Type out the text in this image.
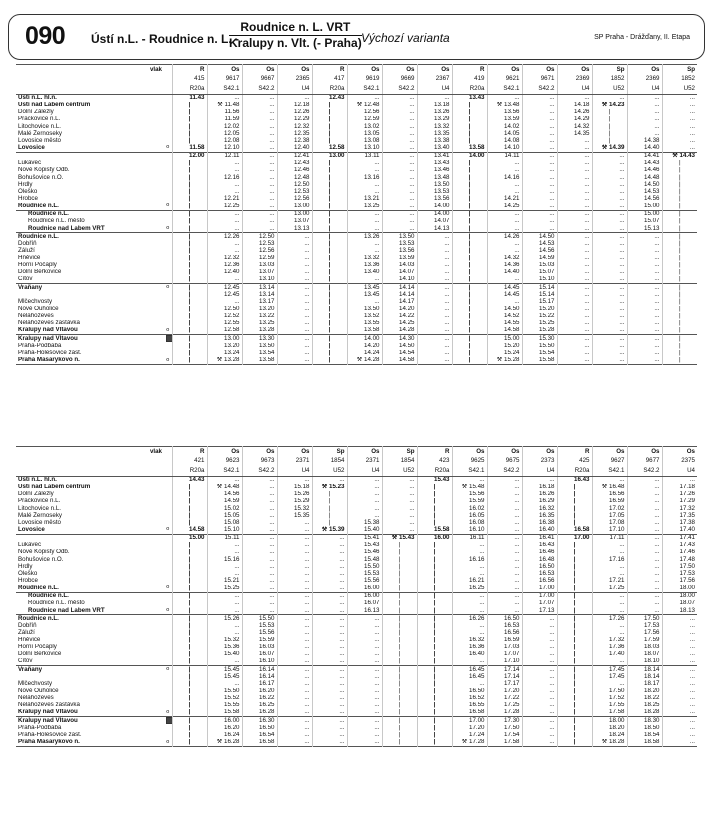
090 Ústí n.L. - Roudnice n. L. -
Roudnice n. L. VRT
Kralupy n. Vlt. (- Praha) Výchozí varianta	SP Praha - Drážďany, II. Etapa
vlak		R	Os	Os	Os	R	Os	Os	Os	R	Os	Os	Os	Sp	Os	Sp
		415	9617	9667	2365	417	9619	9669	2367	419	9621	9671	2369	1852	2369	1852
		R20a	S42.1	S42.2	U4	R20a	S42.1	S42.2	U4	R20a	S42.1	S42.2	U4	U52	U4	U52
Ústí n.L. hl.n.		11.43	...	...	...	12.43	...	...	...	13.43	...	...	...	...	...	...
Ústí nad Labem centrum		|	⚒ 11.48	...	12.18	|	⚒ 12.48	...	13.18	|	⚒ 13.48	...	14.18	⚒ 14.23	...	...
Dolní Zálezly		|	11.56	...	12.26	|	12.56	...	13.26	|	13.56	...	14.26	|	...	...
Prackovice n.L.		|	11.59	...	12.29	|	12.59	...	13.29	|	13.59	...	14.29	|	...	...
Litochovice n.L.		|	12.02	...	12.32	|	13.02	...	13.32	|	14.02	...	14.32	|	...	...
Malé Žernoseky		|	12.05	...	12.35	|	13.05	...	13.35	|	14.05	...	14.35	|	...	...
Lovosice město		|	12.08	...	12.38	|	13.08	...	13.38	|	14.08	...	...	|	14.38	...
Lovosice	o	11.58	12.10	...	12.40	12.58	13.10	...	13.40	13.58	14.10	...	...	⚒ 14.39	14.40	...
		12.00	12.11	...	12.41	13.00	13.11	...	13.41	14.00	14.11	...	...	...	14.41	⚒ 14.43
Lukavec		|	...	...	12.43	|	...	...	13.43	|	...	...	...	...	14.43	|
Nové Kopisty Odb.		|	...	...	12.46	|	...	...	13.46	|	...	...	...	...	14.46	|
Bohušovice n.O.		|	12.16	...	12.48	|	13.16	...	13.48	|	14.16	...	...	...	14.48	|
Hrdly		|	...	...	12.50	|	...	...	13.50	|	...	...	...	...	14.50	|
Oleško		|	...	...	12.53	|	...	...	13.53	|	...	...	...	...	14.53	|
Hrobce		|	12.21	...	12.56	|	13.21	...	13.56	|	14.21	...	...	...	14.56	|
Roudnice n.L.	o	|	12.25	...	13.00	|	13.25	...	14.00	|	14.25	...	...	...	15.00	|
Roudnice n.L.		|	...	...	13.00	|	...	...	14.00	|	...	...	...	...	15.00	|
Roudnice n.L. město		|	...	...	13.07	|	...	...	14.07	|	...	...	...	...	15.07	|
Roudnice nad Labem VRT	o	|	...	...	13.13	|	...	...	14.13	|	...	...	...	...	15.13	|
Roudnice n.L.		|	12.26	12.50	...	|	13.26	13.50	...	|	14.26	14.50	...	...	...	|
Dobříň		|	...	12.53	...	|	...	13.53	...	|	...	14.53	...	...	...	|
Záluží		|	...	12.56	...	|	...	13.56	...	|	...	14.56	...	...	...	|
Hněvice		|	12.32	12.59	...	|	13.32	13.59	...	|	14.32	14.59	...	...	...	|
Horní Počaply		|	12.36	13.03	...	|	13.36	14.03	...	|	14.36	15.03	...	...	...	|
Dolní Beřkovice		|	12.40	13.07	...	|	13.40	14.07	...	|	14.40	15.07	...	...	...	|
Cítov		|	...	13.10	...	|	...	14.10	...	|	...	15.10	...	...	...	|
Vraňany	o	|	12.45	13.14	...	|	13.45	14.14	...	|	14.45	15.14	...	...	...	|
		|	12.45	13.14	...	|	13.45	14.14	...	|	14.45	15.14	...	...	...	|
Mlčechvosty		|	...	13.17	...	|	...	14.17	...	|	...	15.17	...	...	...	|
Nové Ouholice		|	12.50	13.20	...	|	13.50	14.20	...	|	14.50	15.20	...	...	...	|
Nelahozeves		|	12.52	13.22	...	|	13.52	14.22	...	|	14.52	15.22	...	...	...	|
Nelahozeves zastávka		|	12.55	13.25	...	|	13.55	14.25	...	|	14.55	15.25	...	...	...	|
Kralupy nad Vltavou	o	|	12.58	13.28	...	|	13.58	14.28	...	|	14.58	15.28	...	...	...	|
Kralupy nad Vltavou		|	13.00	13.30	...	|	14.00	14.30	...	|	15.00	15.30	...	...	...	|
Praha-Podbaba		|	13.20	13.50	...	|	14.20	14.50	...	|	15.20	15.50	...	...	...	|
Praha-Holešovice zast.		|	13.24	13.54	...	|	14.24	14.54	...	|	15.24	15.54	...	...	...	|
Praha Masarykovo n.	o	|	⚒ 13.28	13.58	...	|	⚒ 14.28	14.58	...	|	⚒ 15.28	15.58	...	...	...	|
vlak		R	Os	Os	Os	Sp	Os	Sp	R	Os	Os	Os	R	Os	Os	Os
		421	9623	9673	2371	1854	2371	1854	423	9625	9675	2373	425	9627	9677	2375
		R20a	S42.1	S42.2	U4	U52	U4	U52	R20a	S42.1	S42.2	U4	R20a	S42.1	S42.2	U4
Ústí n.L. hl.n.		14.43	...	...	...	...	...	...	15.43	...	...	...	16.43	...	...	...
Ústí nad Labem centrum		|	⚒ 14.48	...	15.18	⚒ 15.23	...	...	|	⚒ 15.48	...	16.18	|	⚒ 16.48	...	17.18
Dolní Zálezly		|	14.56	...	15.26	|	...	...	|	15.56	...	16.26	|	16.56	...	17.26
Prackovice n.L.		|	14.59	...	15.29	|	...	...	|	15.59	...	16.29	|	16.59	...	17.29
Litochovice n.L.		|	15.02	...	15.32	|	...	...	|	16.02	...	16.32	|	17.02	...	17.32
Malé Žernoseky		|	15.05	...	15.35	|	...	...	|	16.05	...	16.35	|	17.05	...	17.35
Lovosice město		|	15.08	...	...	|	15.38	...	|	16.08	...	16.38	|	17.08	...	17.38
Lovosice	o	14.58	15.10	...	...	⚒ 15.39	15.40	...	15.58	16.10	...	16.40	16.58	17.10	...	17.40
		15.00	15.11	...	...	...	15.41	⚒ 15.43	16.00	16.11	...	16.41	17.00	17.11	...	17.41
Lukavec		|	...	...	...	...	15.43	|	|	...	...	16.43	|	...	...	17.43
Nové Kopisty Odb.		|	...	...	...	...	15.46	|	|	...	...	16.46	|	...	...	17.46
Bohušovice n.O.		|	15.16	...	...	...	15.48	|	|	16.16	...	16.48	|	17.16	...	17.48
Hrdly		|	...	...	...	...	15.50	|	|	...	...	16.50	|	...	...	17.50
Oleško		|	...	...	...	...	15.53	|	|	...	...	16.53	|	...	...	17.53
Hrobce		|	15.21	...	...	...	15.56	|	|	16.21	...	16.56	|	17.21	...	17.56
Roudnice n.L.	o	|	15.25	...	...	...	16.00	|	|	16.25	...	17.00	|	17.25	...	18.00
Roudnice n.L.		|	...	...	...	...	16.00	|	|	...	...	17.00	|	...	...	18.00
Roudnice n.L. město		|	...	...	...	...	16.07	|	|	...	...	17.07	|	...	...	18.07
Roudnice nad Labem VRT	o	|	...	...	...	...	16.13	|	|	...	...	17.13	|	...	...	18.13
Roudnice n.L.		|	15.26	15.50	...	...	...	|	|	16.26	16.50	...	|	17.26	17.50	...
Dobříň		|	...	15.53	...	...	...	|	|	...	16.53	...	|	...	17.53	...
Záluží		|	...	15.56	...	...	...	|	|	...	16.56	...	|	...	17.56	...
Hněvice		|	15.32	15.59	...	...	...	|	|	16.32	16.59	...	|	17.32	17.59	...
Horní Počaply		|	15.36	16.03	...	...	...	|	|	16.36	17.03	...	|	17.36	18.03	...
Dolní Beřkovice		|	15.40	16.07	...	...	...	|	|	16.40	17.07	...	|	17.40	18.07	...
Cítov		|	...	16.10	...	...	...	|	|	...	17.10	...	|	...	18.10	...
Vraňany	o	|	15.45	16.14	...	...	...	|	|	16.45	17.14	...	|	17.45	18.14	...
		|	15.45	16.14	...	...	...	|	|	16.45	17.14	...	|	17.45	18.14	...
Mlčechvosty		|	...	16.17	...	...	...	|	|	...	17.17	...	|	...	18.17	...
Nové Ouholice		|	15.50	16.20	...	...	...	|	|	16.50	17.20	...	|	17.50	18.20	...
Nelahozeves		|	15.52	16.22	...	...	...	|	|	16.52	17.22	...	|	17.52	18.22	...
Nelahozeves zastávka		|	15.55	16.25	...	...	...	|	|	16.55	17.25	...	|	17.55	18.25	...
Kralupy nad Vltavou	o	|	15.58	16.28	...	...	...	|	|	16.58	17.28	...	|	17.58	18.28	...
Kralupy nad Vltavou		|	16.00	16.30	...	...	...	|	|	17.00	17.30	...	|	18.00	18.30	...
Praha-Podbaba		|	16.20	16.50	...	...	...	|	|	17.20	17.50	...	|	18.20	18.50	...
Praha-Holešovice zast.		|	16.24	16.54	...	...	...	|	|	17.24	17.54	...	|	18.24	18.54	...
Praha Masarykovo n.	o	|	⚒ 16.28	16.58	...	...	...	|	|	⚒ 17.28	17.58	...	|	⚒ 18.28	18.58	...
